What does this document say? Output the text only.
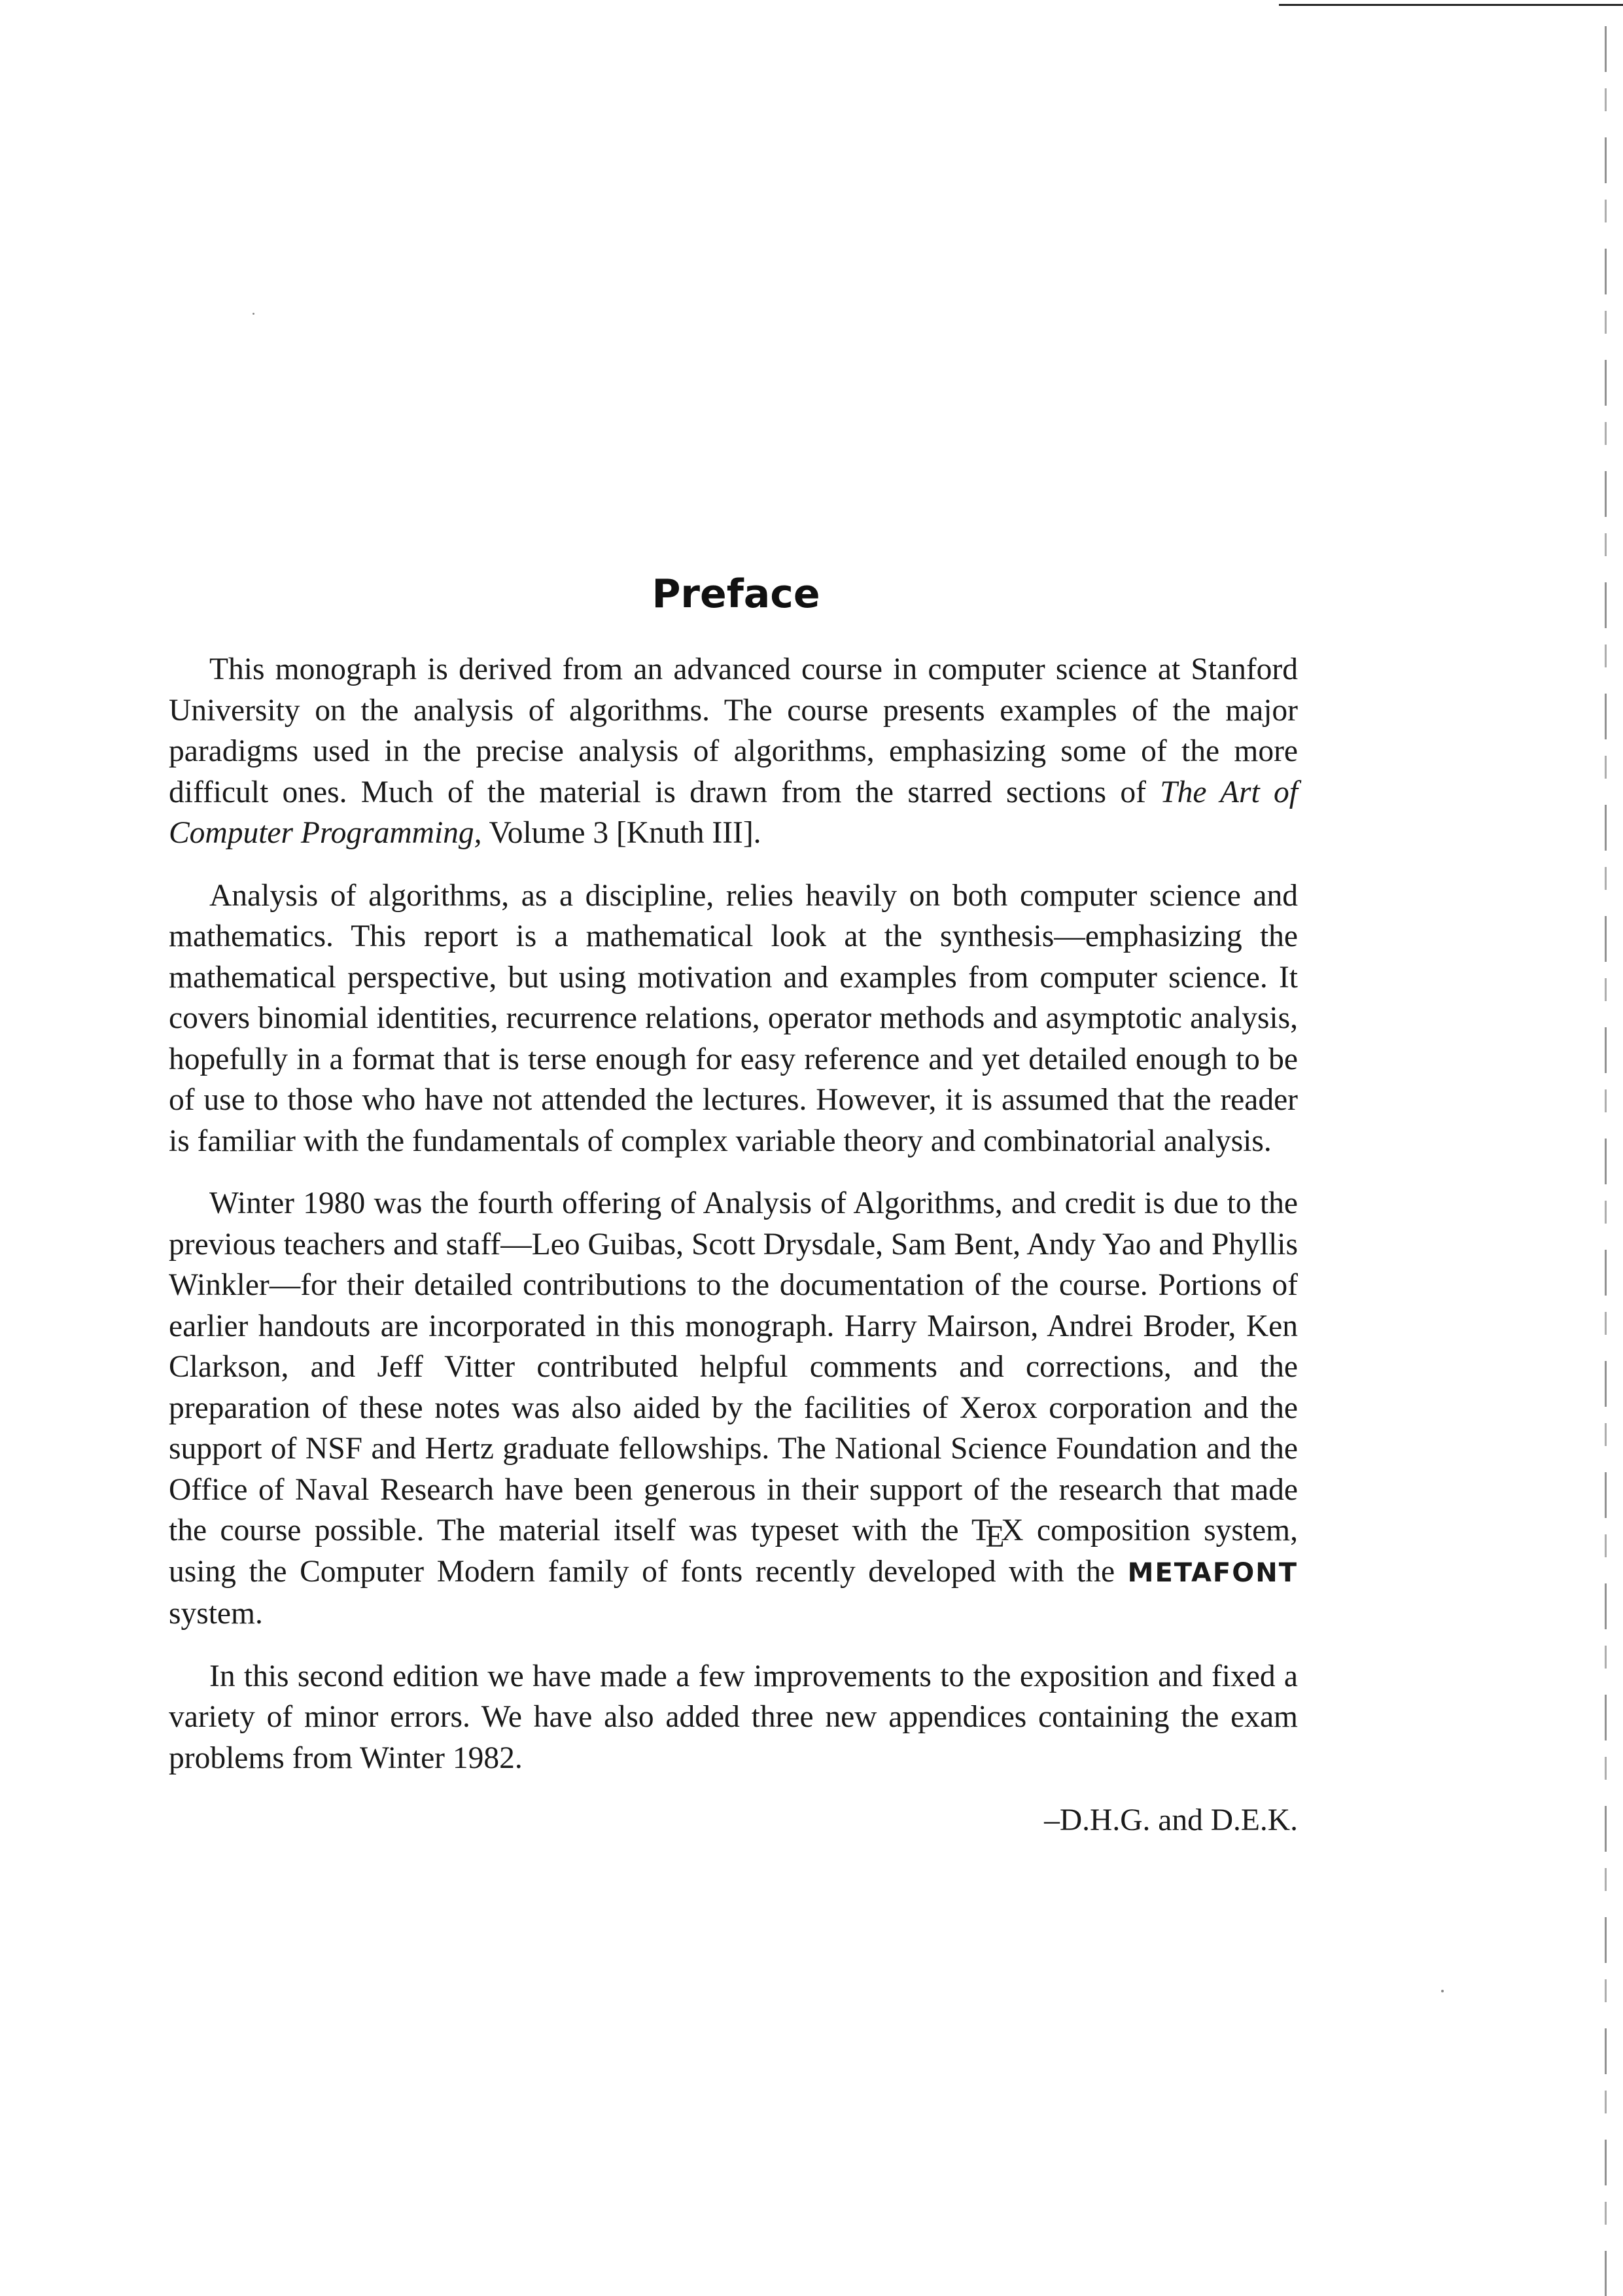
Preface

This monograph is derived from an advanced course in computer science at Stanford University on the analysis of algorithms. The course presents examples of the major paradigms used in the precise analysis of algorithms, emphasizing some of the more difficult ones. Much of the material is drawn from the starred sections of The Art of Computer Programming, Volume 3 [Knuth III].

Analysis of algorithms, as a discipline, relies heavily on both computer science and mathematics. This report is a mathematical look at the synthesis—emphasizing the mathematical perspective, but using motivation and examples from computer science. It covers binomial identities, recurrence relations, operator methods and asymptotic analysis, hopefully in a format that is terse enough for easy reference and yet detailed enough to be of use to those who have not attended the lectures. However, it is assumed that the reader is familiar with the fundamentals of complex variable theory and combinatorial analysis.

Winter 1980 was the fourth offering of Analysis of Algorithms, and credit is due to the previous teachers and staff—Leo Guibas, Scott Drysdale, Sam Bent, Andy Yao and Phyllis Winkler—for their detailed contributions to the documentation of the course. Portions of earlier handouts are incorporated in this monograph. Harry Mairson, Andrei Broder, Ken Clarkson, and Jeff Vitter contributed helpful comments and corrections, and the preparation of these notes was also aided by the facilities of Xerox corporation and the support of NSF and Hertz graduate fellowships. The National Science Foundation and the Office of Naval Research have been generous in their support of the research that made the course possible. The material itself was typeset with the TEX composition system, using the Computer Modern family of fonts recently developed with the METAFONT system.

In this second edition we have made a few improvements to the exposition and fixed a variety of minor errors. We have also added three new appendices containing the exam problems from Winter 1982.

–D.H.G. and D.E.K.
